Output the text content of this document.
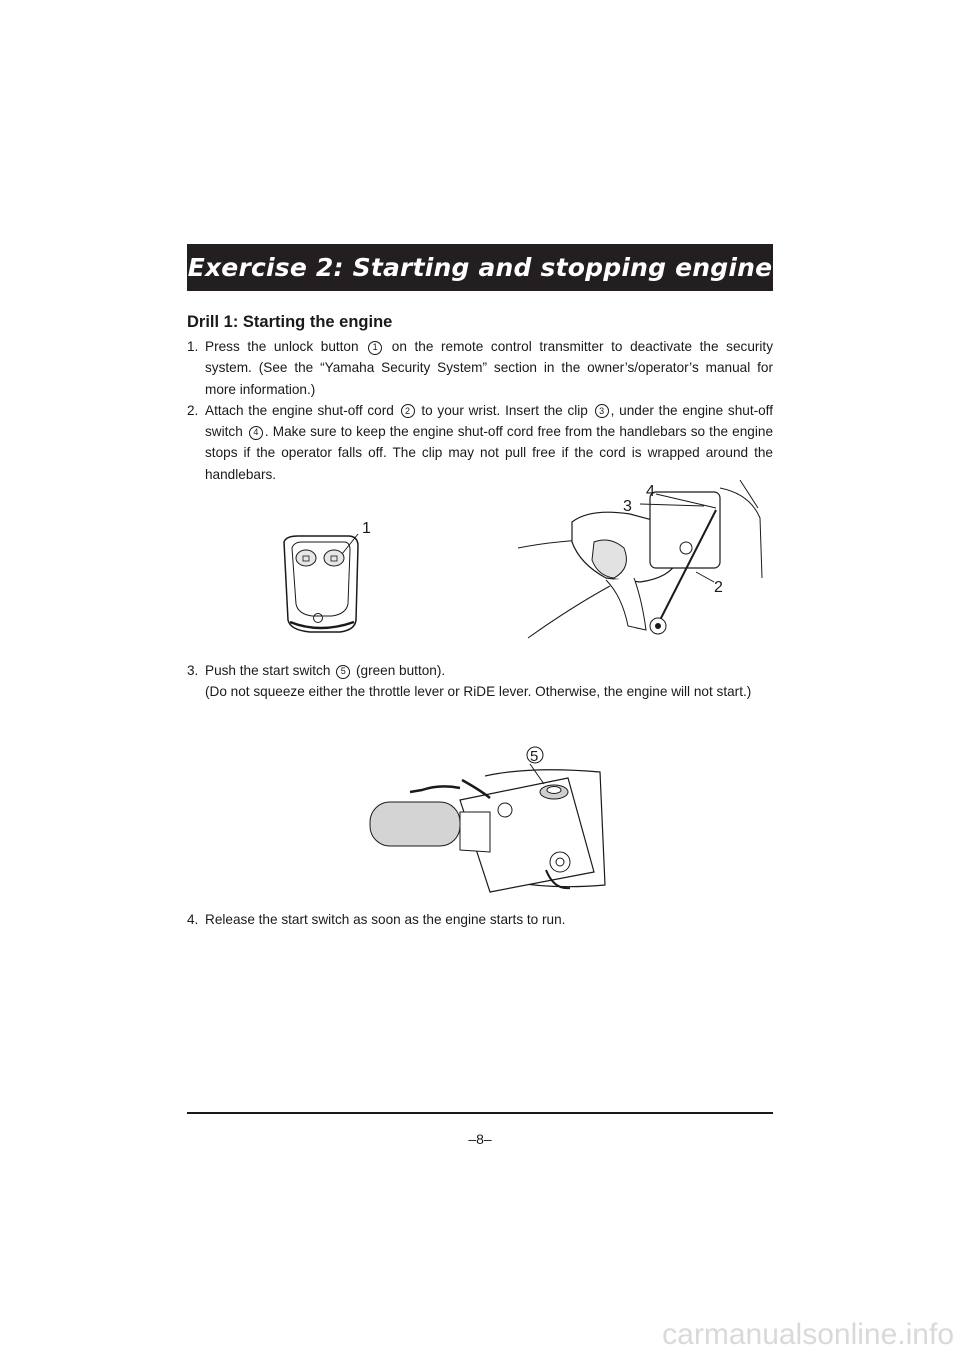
Exercise 2: Starting and stopping engine
Drill 1: Starting the engine
1. Press the unlock button 1 on the remote control transmitter to deactivate the security system. (See the “Yamaha Security System” section in the owner’s/operator’s manual for more information.)
2. Attach the engine shut-off cord 2 to your wrist. Insert the clip 3 , under the engine shut-off switch 4 . Make sure to keep the engine shut-off cord free from the handlebars so the engine stops if the operator falls off. The clip may not pull free if the cord is wrapped around the handlebars.
1
3
4
2
3. Push the start switch 5 (green button).

(Do not squeeze either the throttle lever or RiDE lever. Otherwise, the engine will not start.)

5
4. Release the start switch as soon as the engine starts to run.
–8–
carmanualsonline.info
